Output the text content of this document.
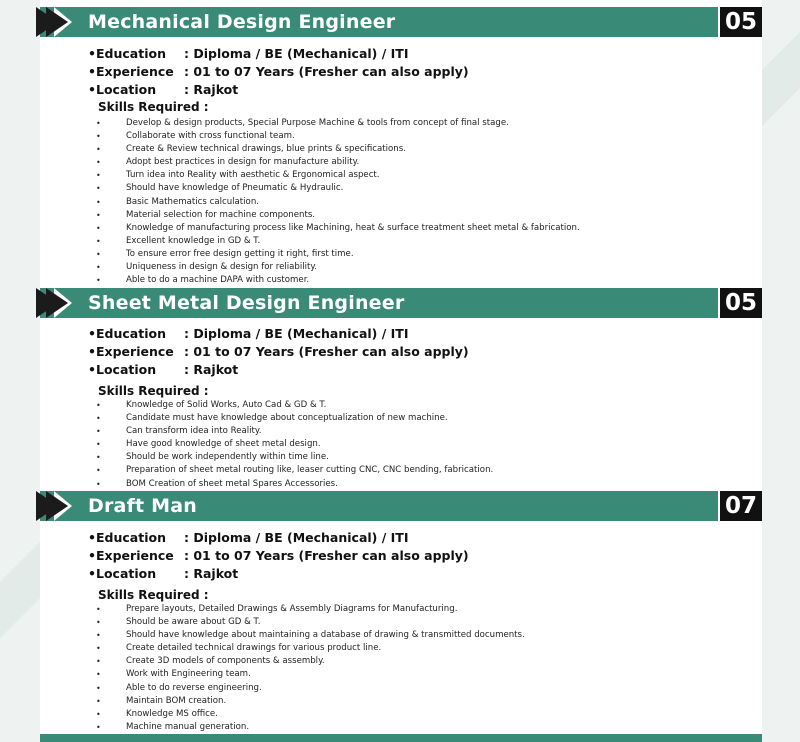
Mechanical Design Engineer	05
• Education : Diploma / BE (Mechanical) / ITI
• Experience : 01 to 07 Years (Fresher can also apply)
• Location : Rajkot
Skills Required :
• Develop & design products, Special Purpose Machine & tools from concept of final stage.
• Collaborate with cross functional team.
• Create & Review technical drawings, blue prints & specifications.
• Adopt best practices in design for manufacture ability.
• Turn idea into Reality with aesthetic & Ergonomical aspect.
• Should have knowledge of Pneumatic & Hydraulic.
• Basic Mathematics calculation.
• Material selection for machine components.
• Knowledge of manufacturing process like Machining, heat & surface treatment sheet metal & fabrication.
• Excellent knowledge in GD & T.
• To ensure error free design getting it right, first time.
• Uniqueness in design & design for reliability.
• Able to do a machine DAPA with customer.
Sheet Metal Design Engineer	05
• Education : Diploma / BE (Mechanical) / ITI
• Experience : 01 to 07 Years (Fresher can also apply)
• Location : Rajkot
Skills Required :
• Knowledge of Solid Works, Auto Cad & GD & T.
• Candidate must have knowledge about conceptualization of new machine.
• Can transform idea into Reality.
• Have good knowledge of sheet metal design.
• Should be work independently within time line.
• Preparation of sheet metal routing like, leaser cutting CNC, CNC bending, fabrication.
• BOM Creation of sheet metal Spares Accessories.
Draft Man	07
• Education : Diploma / BE (Mechanical) / ITI
• Experience : 01 to 07 Years (Fresher can also apply)
• Location : Rajkot
Skills Required :
• Prepare layouts, Detailed Drawings & Assembly Diagrams for Manufacturing.
• Should be aware about GD & T.
• Should have knowledge about maintaining a database of drawing & transmitted documents.
• Create detailed technical drawings for various product line.
• Create 3D models of components & assembly.
• Work with Engineering team.
• Able to do reverse engineering.
• Maintain BOM creation.
• Knowledge MS office.
• Machine manual generation.
